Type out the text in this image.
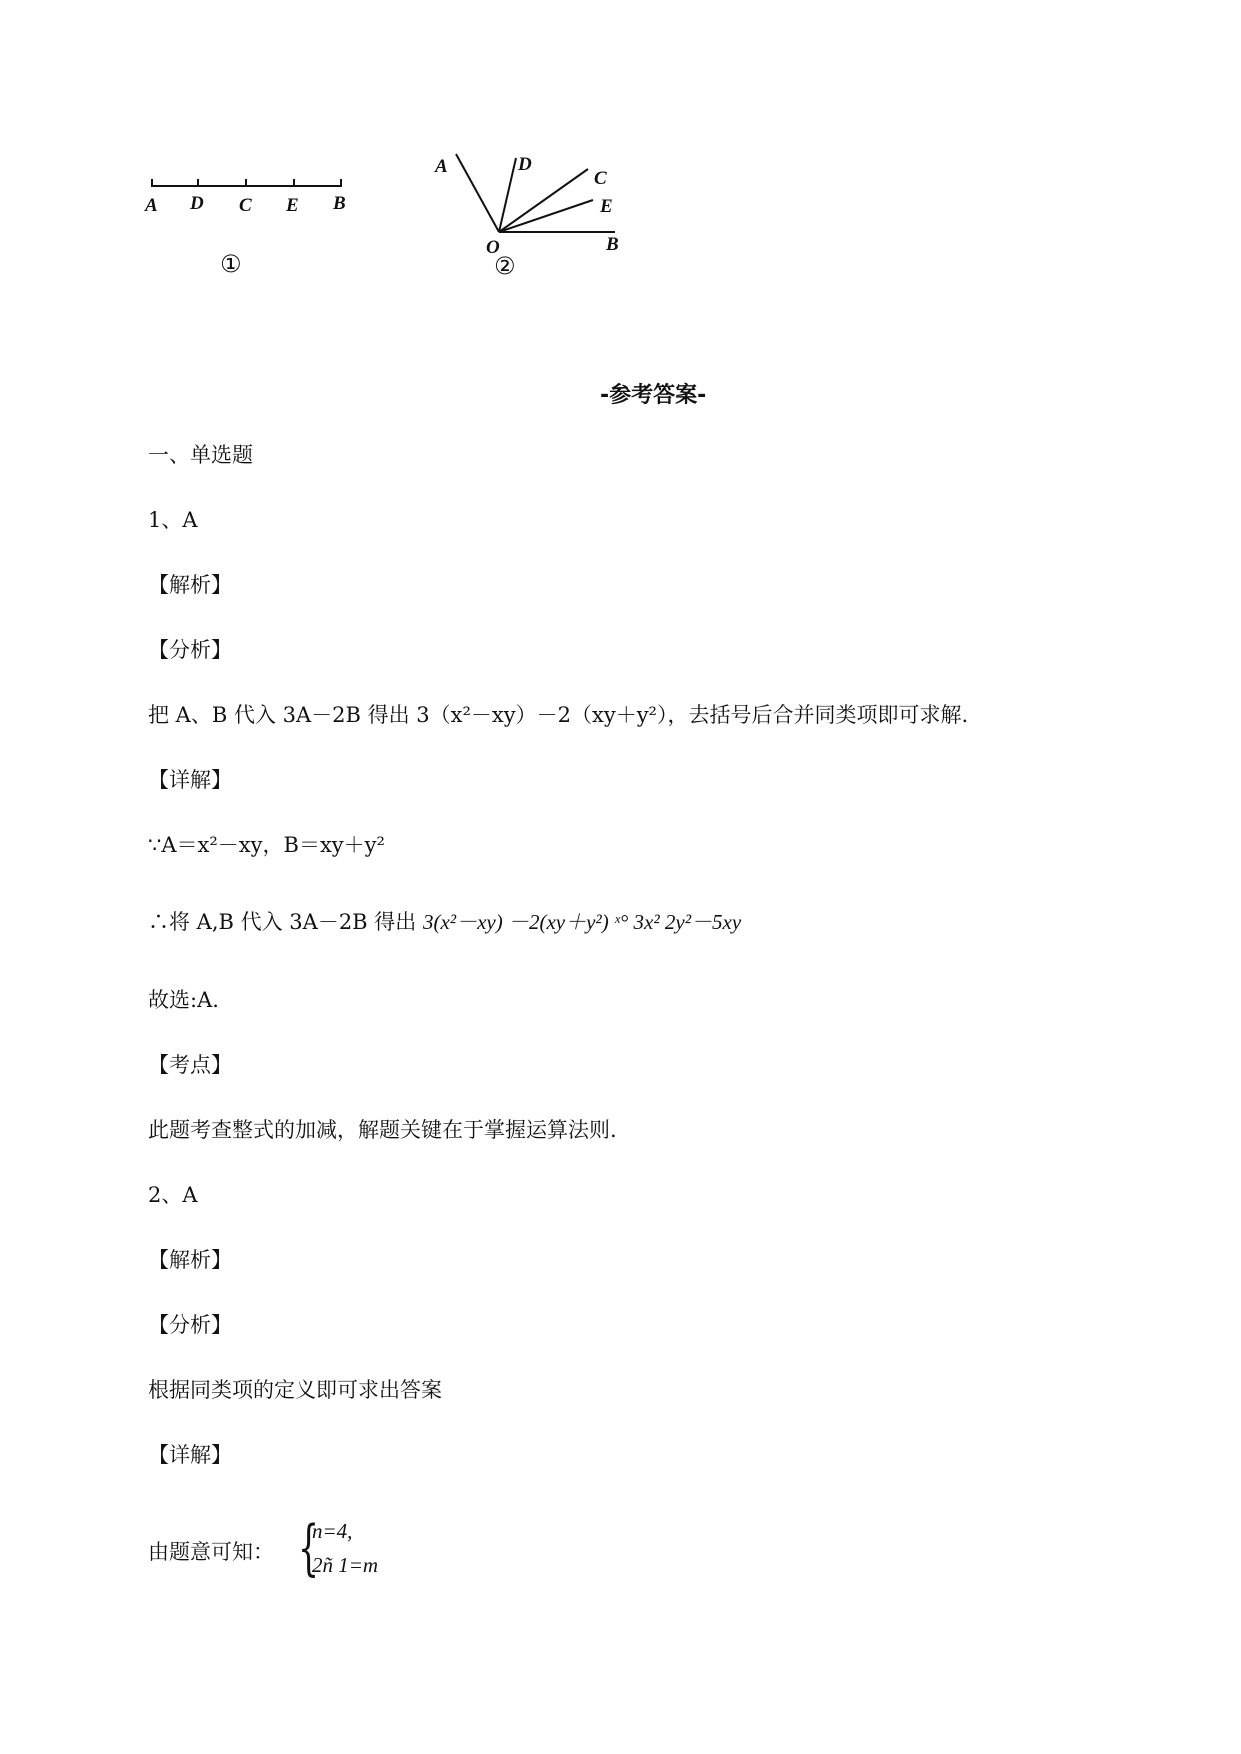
A D C E B
①
A	D
C
E
O	B
②
-参考答案-
一、单选题
1、A
【解析】
【分析】
把 A、B 代入 3A－2B 得出 3（x²－xy）－2（xy＋y²），去括号后合并同类项即可求解.
【详解】
∵A＝x²－xy，B＝xy＋y²
∴将 A,B 代入 3A－2B 得出 3(x²－xy) －2(xy＋y²) ˣ° 3x² 2y²－5xy
故选:A.
【考点】
此题考查整式的加减，解题关键在于掌握运算法则.
2、A
【解析】
【分析】
根据同类项的定义即可求出答案
【详解】
由题意可知： {
n=4,
2ñ 1=m
